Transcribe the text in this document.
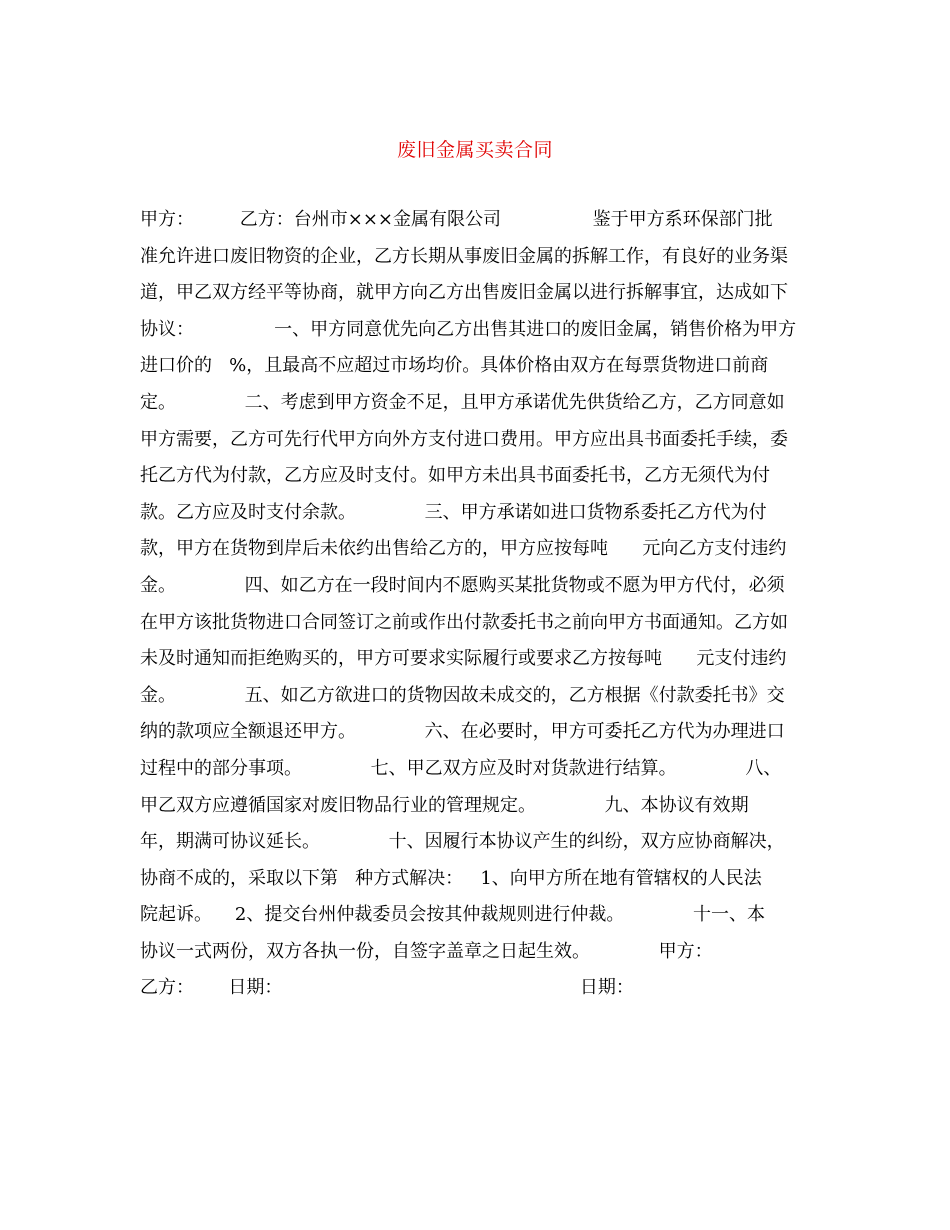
废旧金属买卖合同
甲方：        乙方：台州市×××金属有限公司                鉴于甲方系环保部门批
准允许进口废旧物资的企业，乙方长期从事废旧金属的拆解工作，有良好的业务渠
道，甲乙双方经平等协商，就甲方向乙方出售废旧金属以进行拆解事宜，达成如下
协议：              一、甲方同意优先向乙方出售其进口的废旧金属，销售价格为甲方
进口价的   %，且最高不应超过市场均价。具体价格由双方在每票货物进口前商
定。            二、考虑到甲方资金不足，且甲方承诺优先供货给乙方，乙方同意如
甲方需要，乙方可先行代甲方向外方支付进口费用。甲方应出具书面委托手续，委
托乙方代为付款，乙方应及时支付。如甲方未出具书面委托书，乙方无须代为付
款。乙方应及时支付余款。            三、甲方承诺如进口货物系委托乙方代为付
款，甲方在货物到岸后未依约出售给乙方的，甲方应按每吨      元向乙方支付违约
金。            四、如乙方在一段时间内不愿购买某批货物或不愿为甲方代付，必须
在甲方该批货物进口合同签订之前或作出付款委托书之前向甲方书面通知。乙方如
未及时通知而拒绝购买的，甲方可要求实际履行或要求乙方按每吨      元支付违约
金。            五、如乙方欲进口的货物因故未成交的，乙方根据《付款委托书》交
纳的款项应全额退还甲方。            六、在必要时，甲方可委托乙方代为办理进口
过程中的部分事项。            七、甲乙双方应及时对货款进行结算。            八、
甲乙双方应遵循国家对废旧物品行业的管理规定。            九、本协议有效期
年，期满可协议延长。            十、因履行本协议产生的纠纷，双方应协商解决，
协商不成的，采取以下第   种方式解决：   1、向甲方所在地有管辖权的人民法
院起诉。    2、提交台州仲裁委员会按其仲裁规则进行仲裁。            十一、本
协议一式两份，双方各执一份，自签字盖章之日起生效。            甲方：
乙方：      日期：                                                    日期：
